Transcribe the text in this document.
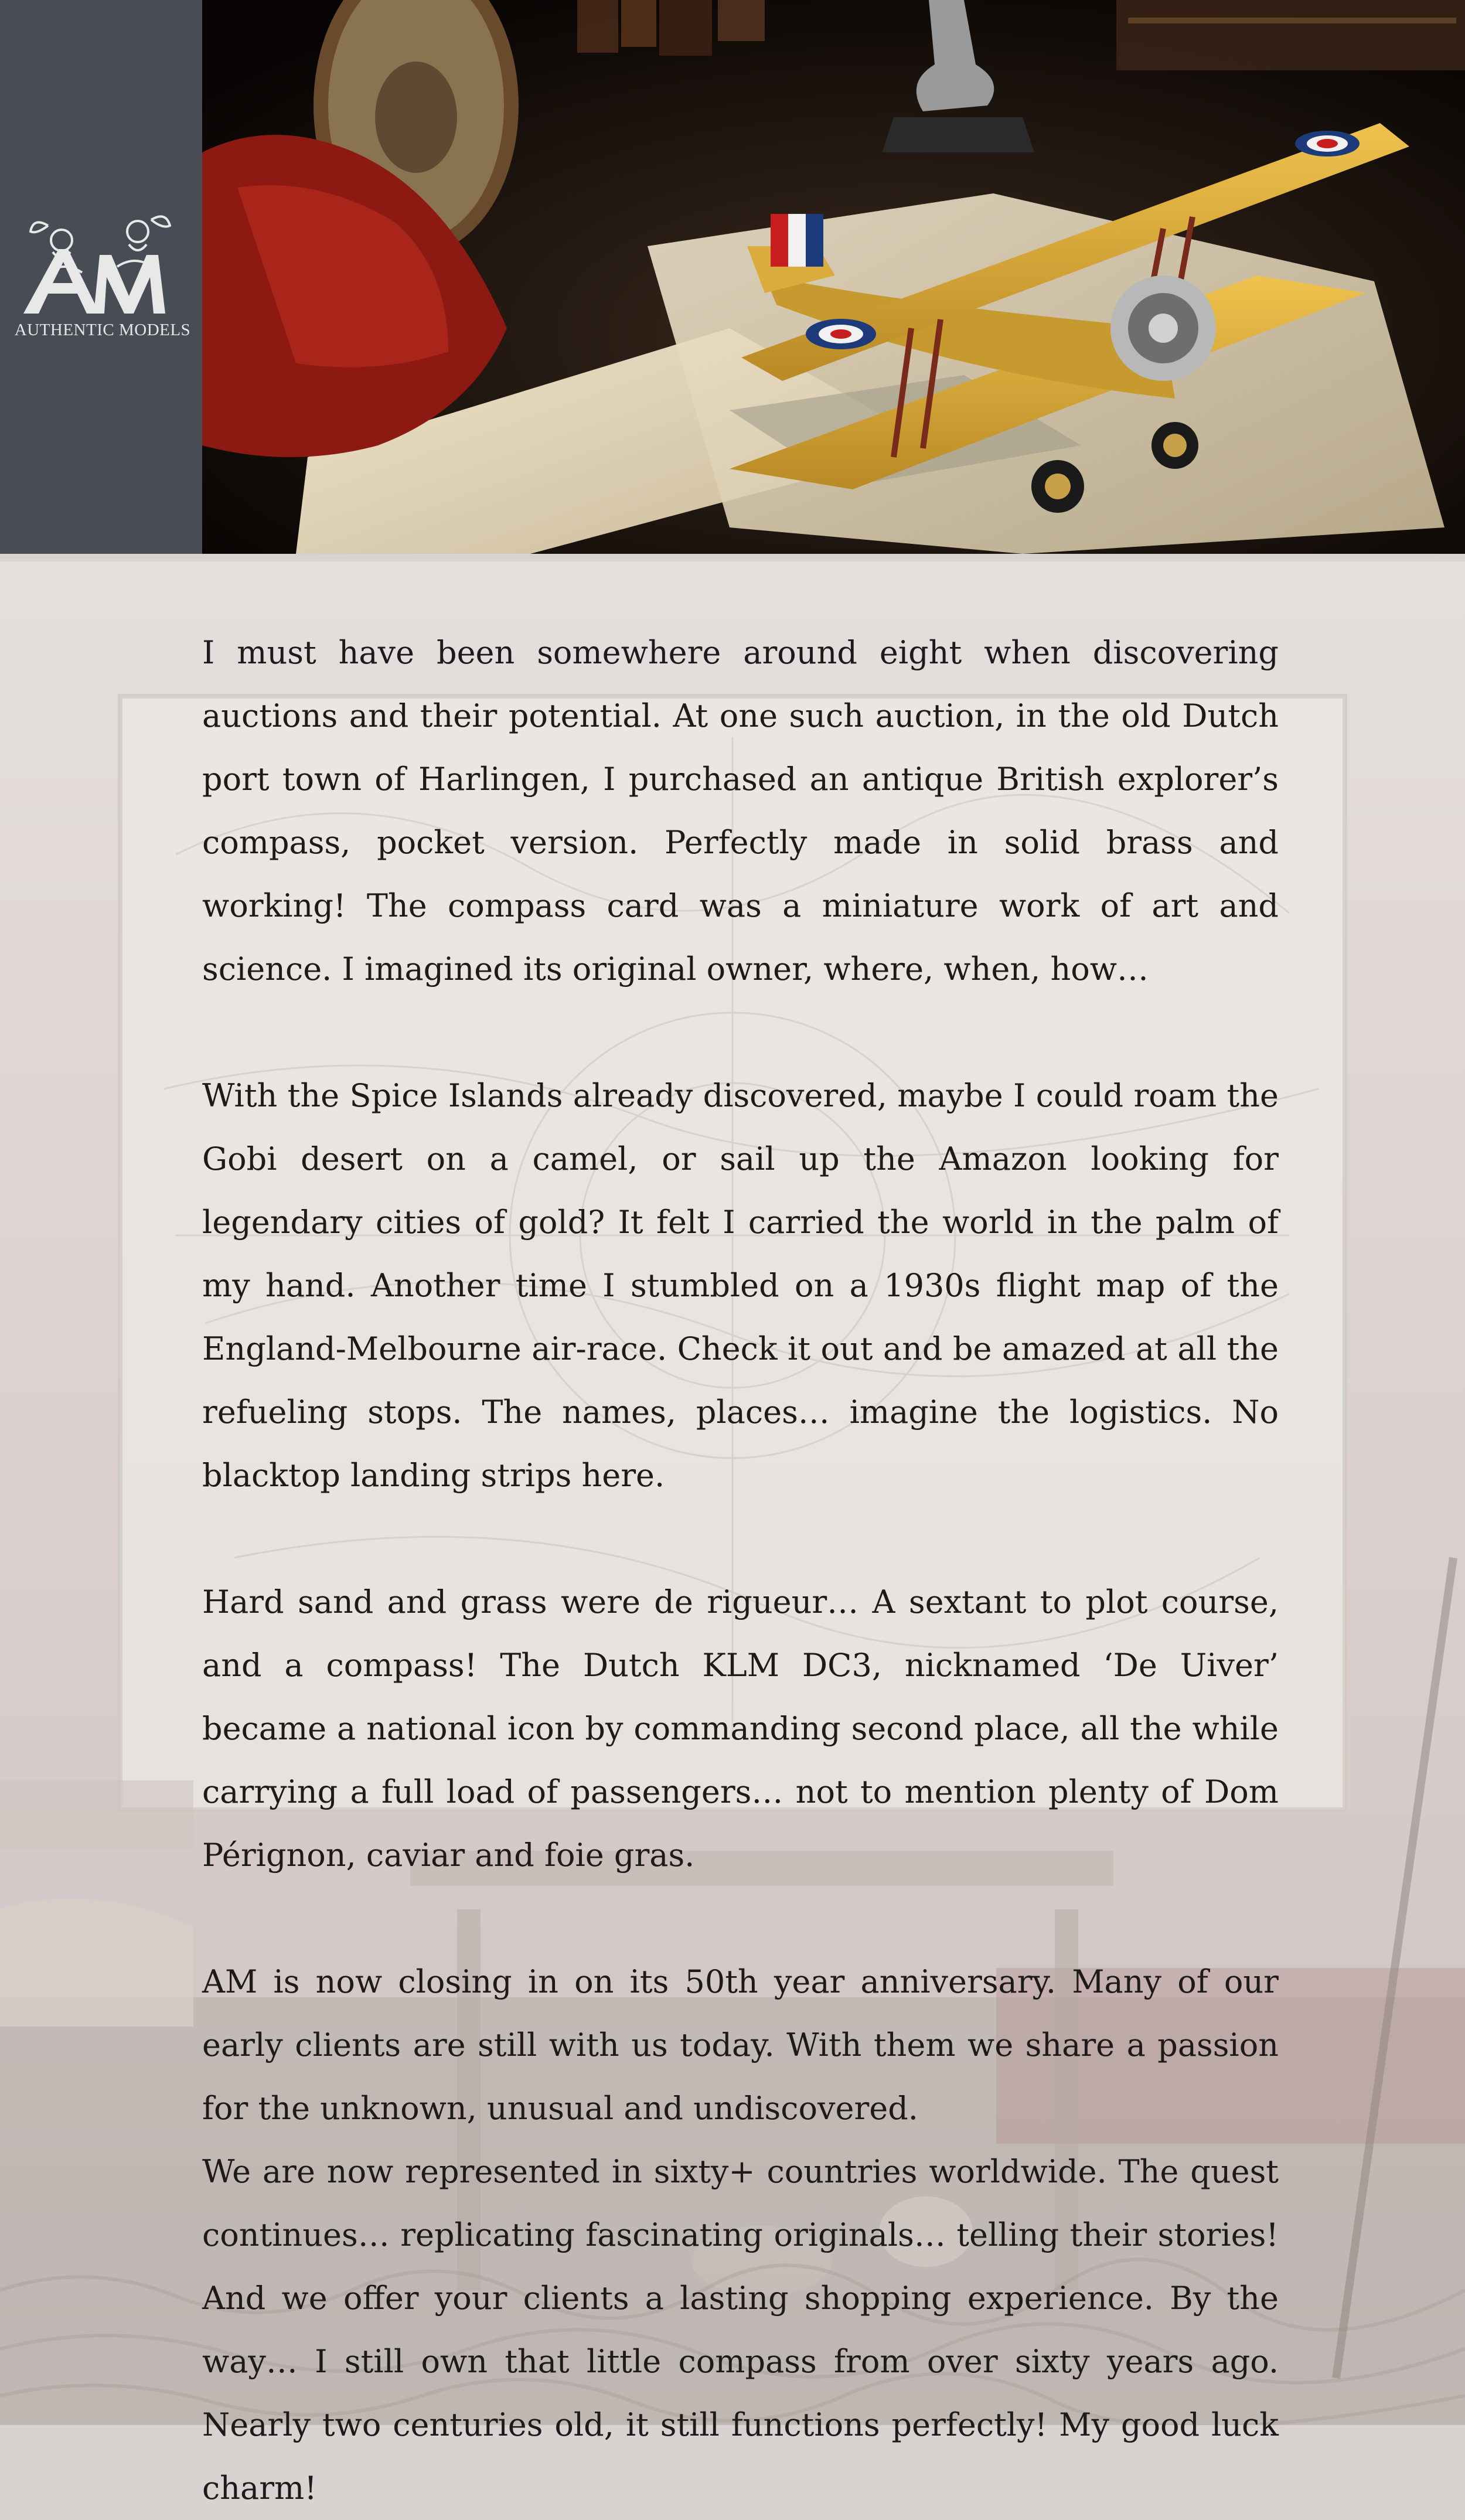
AUTHENTIC MODELS

I must have been somewhere around eight when discovering auctions and their potential. At one such auction, in the old Dutch port town of Harlingen, I purchased an antique British explorer’s compass, pocket version. Perfectly made in solid brass and working! The compass card was a miniature work of art and science. I imagined its original owner, where, when, how…

With the Spice Islands already discovered, maybe I could roam the Gobi desert on a camel, or sail up the Amazon looking for legendary cities of gold? It felt I carried the world in the palm of my hand. Another time I stumbled on a 1930s flight map of the England-Melbourne air-race. Check it out and be amazed at all the refueling stops. The names, places… imagine the logistics. No blacktop landing strips here.

Hard sand and grass were de rigueur… A sextant to plot course, and a compass! The Dutch KLM DC3, nicknamed ‘De Uiver’ became a national icon by commanding second place, all the while carrying a full load of passengers… not to mention plenty of Dom Pérignon, caviar and foie gras.

AM is now closing in on its 50th year anniversary. Many of our early clients are still with us today. With them we share a passion for the unknown, unusual and undiscovered.

We are now represented in sixty+ countries worldwide. The quest continues… replicating fascinating originals… telling their stories! And we offer your clients a lasting shopping experience. By the way… I still own that little compass from over sixty years ago. Nearly two centuries old, it still functions perfectly! My good luck charm!
